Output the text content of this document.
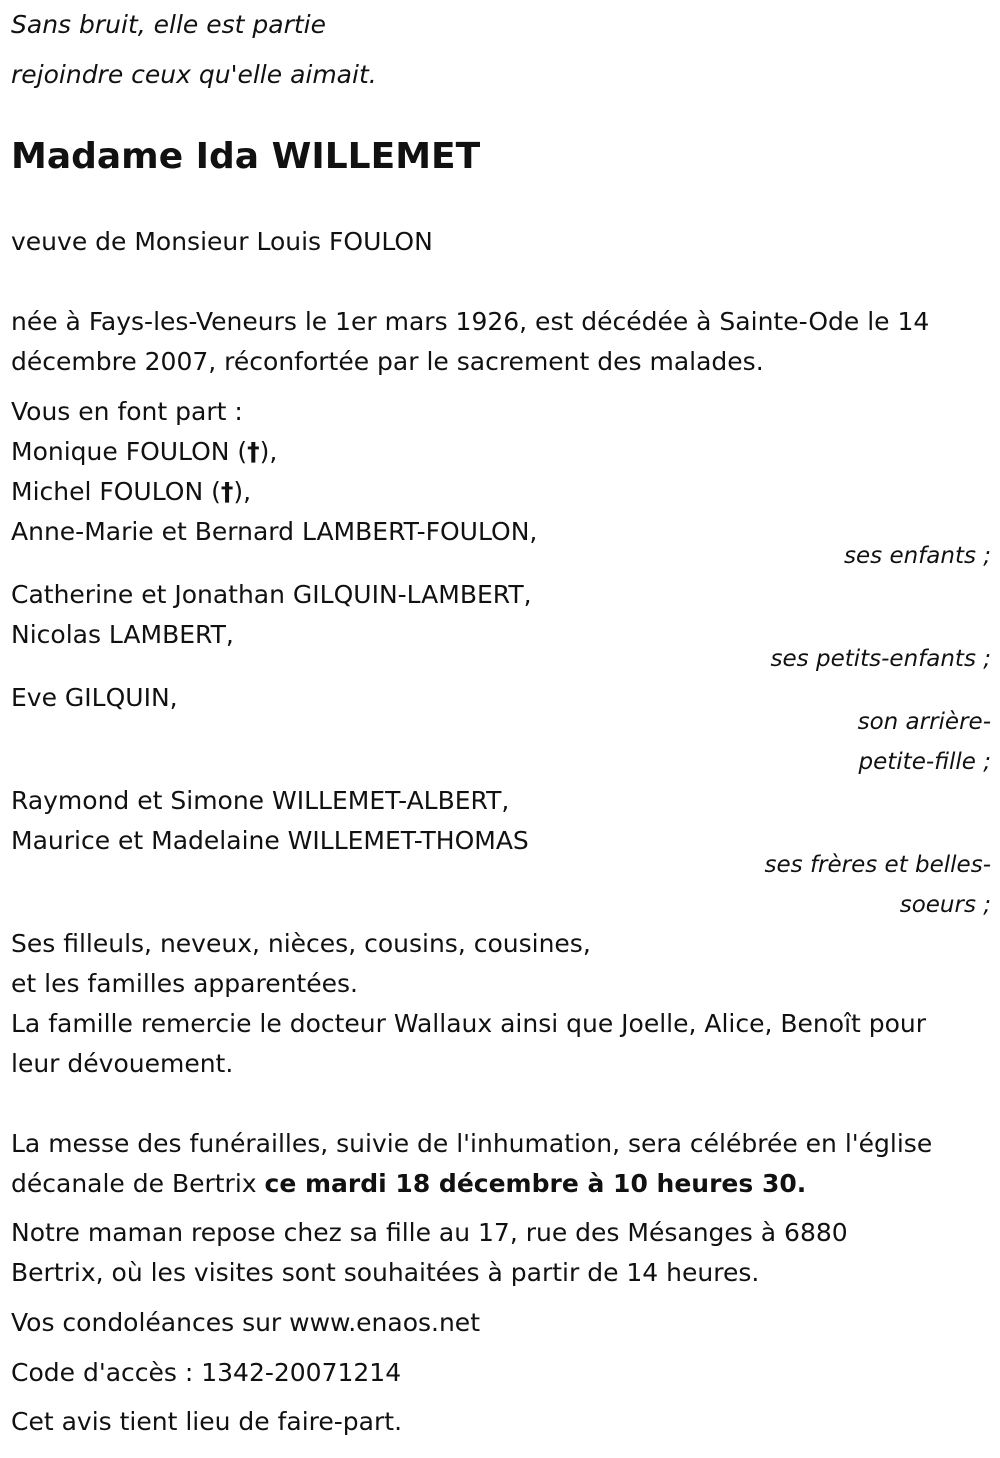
Sans bruit, elle est partie
rejoindre ceux qu'elle aimait.
Madame Ida WILLEMET
veuve de Monsieur Louis FOULON
née à Fays-les-Veneurs le 1er mars 1926, est décédée à Sainte-Ode le 14
décembre 2007, réconfortée par le sacrement des malades.
Vous en font part :
Monique FOULON (†),
Michel FOULON (†),
Anne-Marie et Bernard LAMBERT-FOULON,
ses enfants ;
Catherine et Jonathan GILQUIN-LAMBERT,
Nicolas LAMBERT,
ses petits-enfants ;
Eve GILQUIN,
son arrière-
petite-fille ;
Raymond et Simone WILLEMET-ALBERT,
Maurice et Madelaine WILLEMET-THOMAS
ses frères et belles-
soeurs ;
Ses filleuls, neveux, nièces, cousins, cousines,
et les familles apparentées.
La famille remercie le docteur Wallaux ainsi que Joelle, Alice, Benoît pour
leur dévouement.
La messe des funérailles, suivie de l'inhumation, sera célébrée en l'église
décanale de Bertrix ce mardi 18 décembre à 10 heures 30.
Notre maman repose chez sa fille au 17, rue des Mésanges à 6880
Bertrix, où les visites sont souhaitées à partir de 14 heures.
Vos condoléances sur www.enaos.net
Code d'accès : 1342-20071214
Cet avis tient lieu de faire-part.
